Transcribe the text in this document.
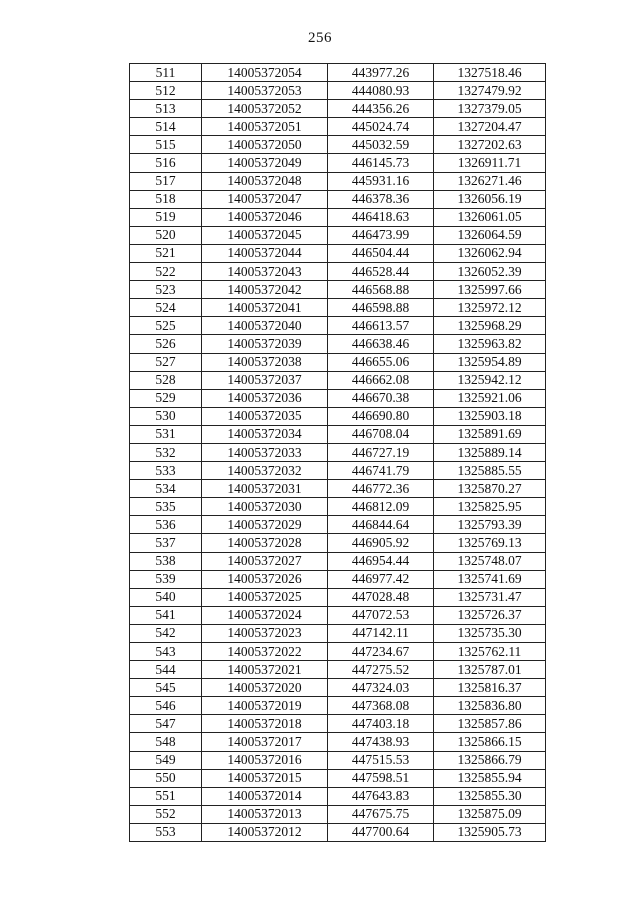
256
511	14005372054	443977.26	1327518.46
512	14005372053	444080.93	1327479.92
513	14005372052	444356.26	1327379.05
514	14005372051	445024.74	1327204.47
515	14005372050	445032.59	1327202.63
516	14005372049	446145.73	1326911.71
517	14005372048	445931.16	1326271.46
518	14005372047	446378.36	1326056.19
519	14005372046	446418.63	1326061.05
520	14005372045	446473.99	1326064.59
521	14005372044	446504.44	1326062.94
522	14005372043	446528.44	1326052.39
523	14005372042	446568.88	1325997.66
524	14005372041	446598.88	1325972.12
525	14005372040	446613.57	1325968.29
526	14005372039	446638.46	1325963.82
527	14005372038	446655.06	1325954.89
528	14005372037	446662.08	1325942.12
529	14005372036	446670.38	1325921.06
530	14005372035	446690.80	1325903.18
531	14005372034	446708.04	1325891.69
532	14005372033	446727.19	1325889.14
533	14005372032	446741.79	1325885.55
534	14005372031	446772.36	1325870.27
535	14005372030	446812.09	1325825.95
536	14005372029	446844.64	1325793.39
537	14005372028	446905.92	1325769.13
538	14005372027	446954.44	1325748.07
539	14005372026	446977.42	1325741.69
540	14005372025	447028.48	1325731.47
541	14005372024	447072.53	1325726.37
542	14005372023	447142.11	1325735.30
543	14005372022	447234.67	1325762.11
544	14005372021	447275.52	1325787.01
545	14005372020	447324.03	1325816.37
546	14005372019	447368.08	1325836.80
547	14005372018	447403.18	1325857.86
548	14005372017	447438.93	1325866.15
549	14005372016	447515.53	1325866.79
550	14005372015	447598.51	1325855.94
551	14005372014	447643.83	1325855.30
552	14005372013	447675.75	1325875.09
553	14005372012	447700.64	1325905.73
